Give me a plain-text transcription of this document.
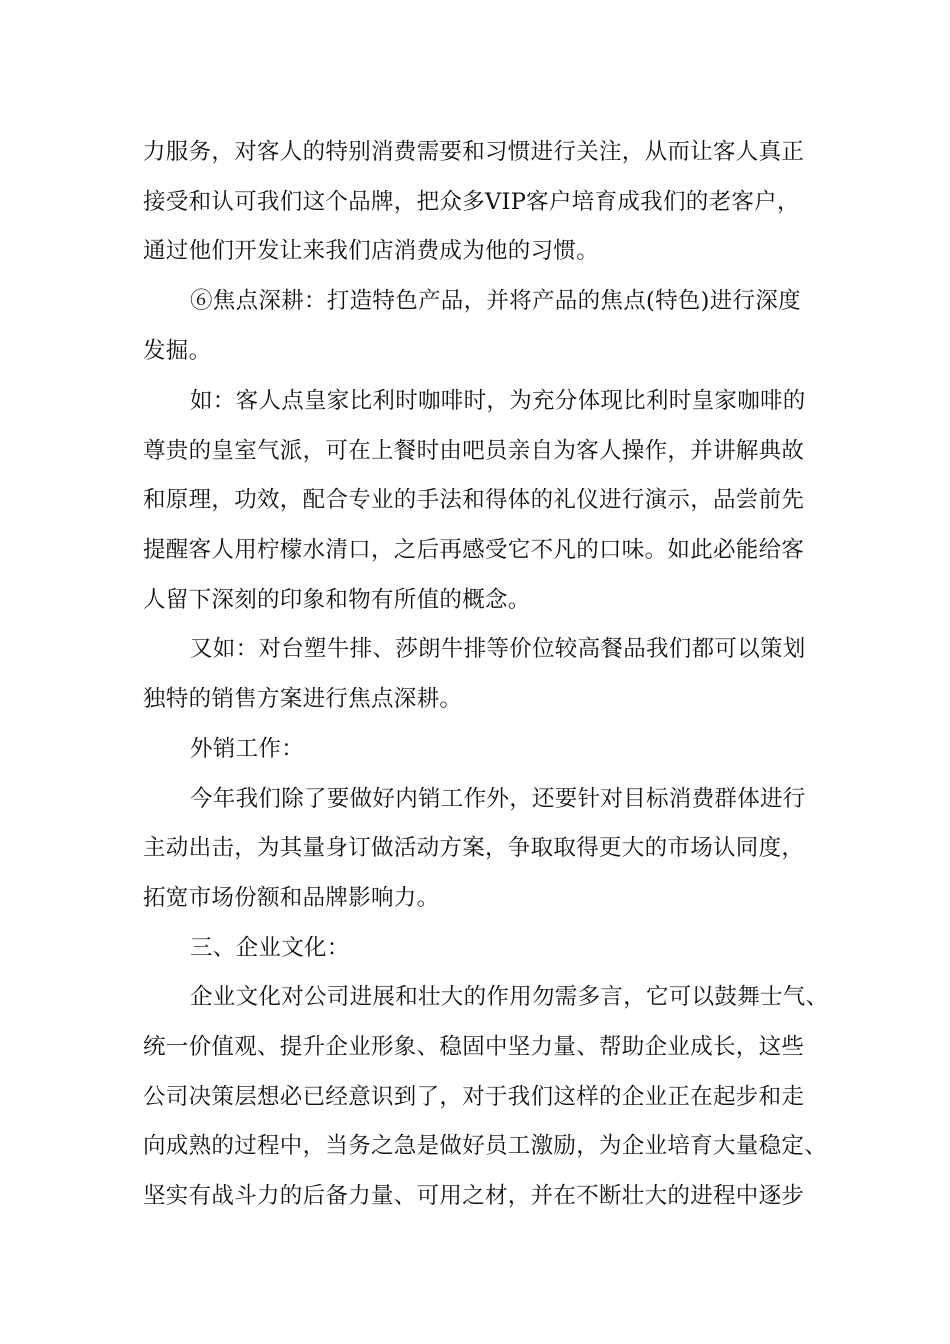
力服务，对客人的特别消费需要和习惯进行关注，从而让客人真正
接受和认可我们这个品牌，把众多VIP客户培育成我们的老客户，
通过他们开发让来我们店消费成为他的习惯。
⑥焦点深耕：打造特色产品，并将产品的焦点(特色)进行深度
发掘。
如：客人点皇家比利时咖啡时，为充分体现比利时皇家咖啡的
尊贵的皇室气派，可在上餐时由吧员亲自为客人操作，并讲解典故
和原理，功效，配合专业的手法和得体的礼仪进行演示，品尝前先
提醒客人用柠檬水清口，之后再感受它不凡的口味。如此必能给客
人留下深刻的印象和物有所值的概念。
又如：对台塑牛排、莎朗牛排等价位较高餐品我们都可以策划
独特的销售方案进行焦点深耕。
外销工作：
今年我们除了要做好内销工作外，还要针对目标消费群体进行
主动出击，为其量身订做活动方案，争取取得更大的市场认同度，
拓宽市场份额和品牌影响力。
三、企业文化：
企业文化对公司进展和壮大的作用勿需多言，它可以鼓舞士气、
统一价值观、提升企业形象、稳固中坚力量、帮助企业成长，这些
公司决策层想必已经意识到了，对于我们这样的企业正在起步和走
向成熟的过程中，当务之急是做好员工激励，为企业培育大量稳定、
坚实有战斗力的后备力量、可用之材，并在不断壮大的进程中逐步
